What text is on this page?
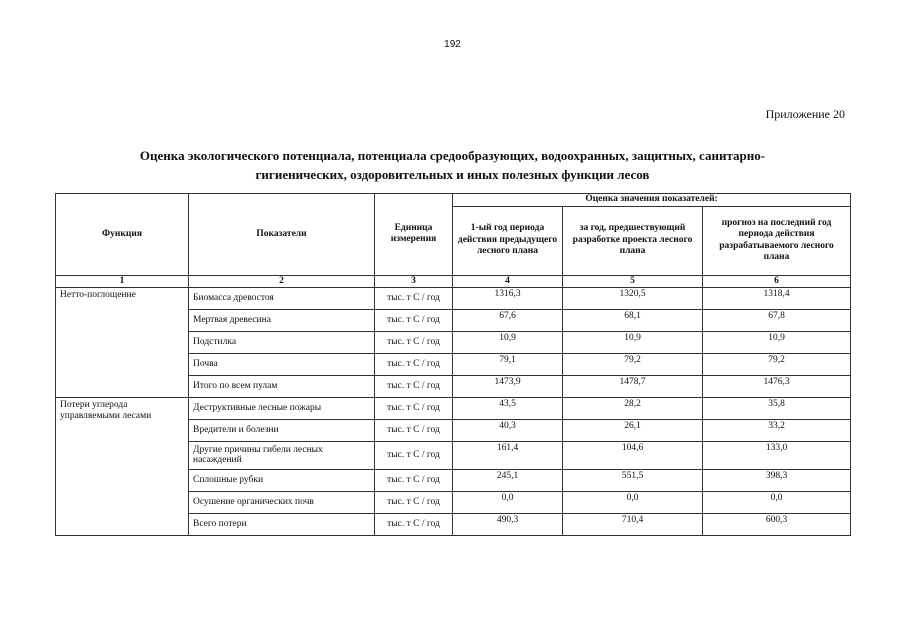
192
Приложение 20
Оценка экологического потенциала, потенциала средообразующих, водоохранных, защитных, санитарно-
гигиенических, оздоровительных и иных полезных функции лесов
Функция	Показатели	Единица измерения	Оценка значения показателей:		
			1-ый год периода действия предыдущего лесного плана	за год, предшествующий разработке проекта лесного плана	прогноз на последний год периода действия разрабатываемого лесного плана
1	2	3	4	5	6
Нетто-поглощение	Биомасса древостоя	тыс. т С / год	1316,3	1320,5	1318,4
	Мертвая древесина	тыс. т С / год	67,6	68,1	67,8
	Подстилка	тыс. т С / год	10,9	10,9	10,9
	Почва	тыс. т С / год	79,1	79,2	79,2
	Итого по всем пулам	тыс. т С / год	1473,9	1478,7	1476,3
Потери углерода управляемыми лесами	Деструктивные лесные пожары	тыс. т С / год	43,5	28,2	35,8
	Вредители и болезни	тыс. т С / год	40,3	26,1	33,2
	Другие причины гибели лесных насаждений	тыс. т С / год	161,4	104,6	133,0
	Сплошные рубки	тыс. т С / год	245,1	551,5	398,3
	Осушение органических почв	тыс. т С / год	0,0	0,0	0,0
	Всего потери	тыс. т С / год	490,3	710,4	600,3
